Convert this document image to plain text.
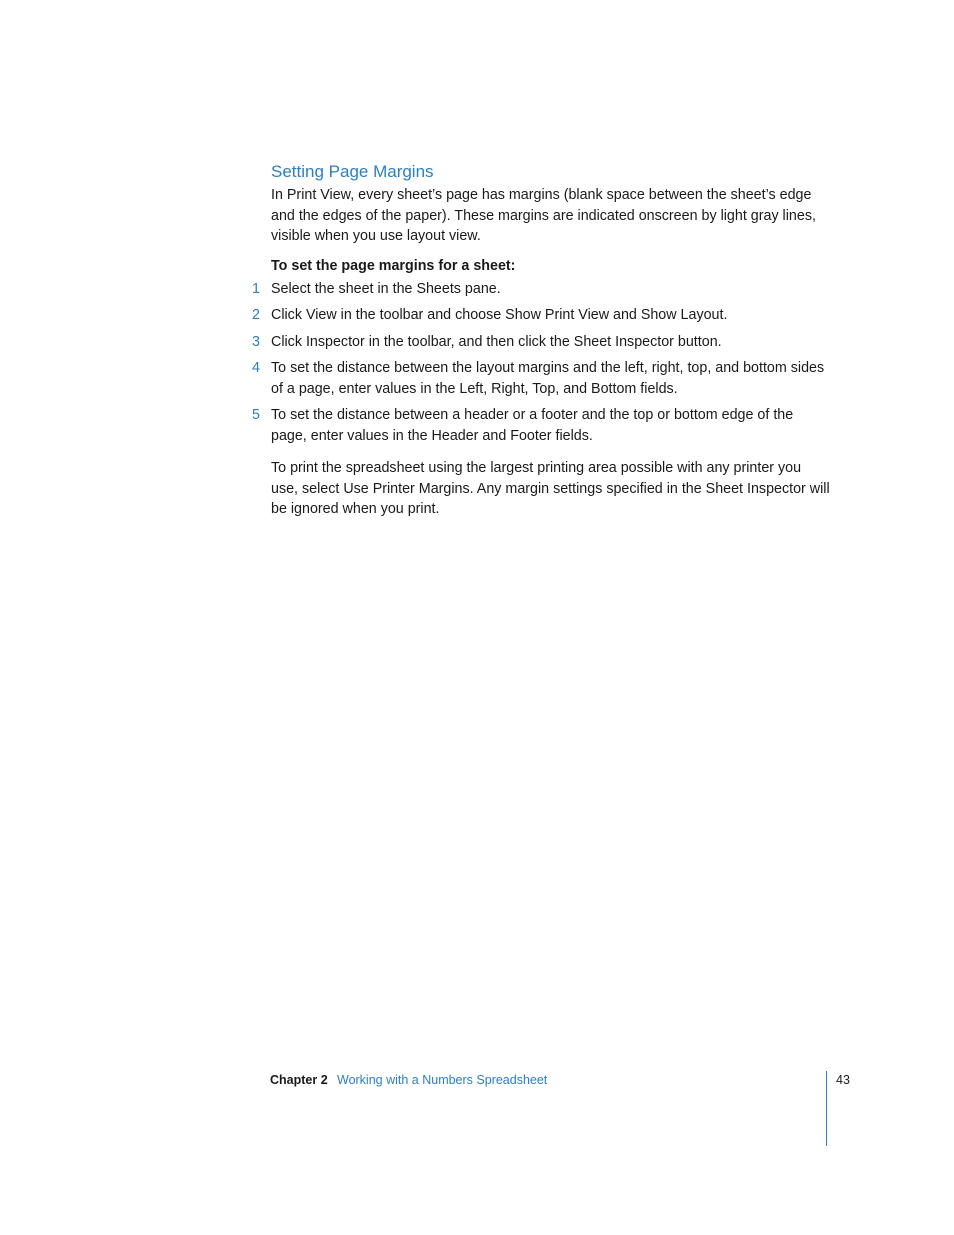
Setting Page Margins

In Print View, every sheet’s page has margins (blank space between the sheet’s edge and the edges of the paper). These margins are indicated onscreen by light gray lines, visible when you use layout view.

To set the page margins for a sheet:
1 Select the sheet in the Sheets pane.
2 Click View in the toolbar and choose Show Print View and Show Layout.
3 Click Inspector in the toolbar, and then click the Sheet Inspector button.
4 To set the distance between the layout margins and the left, right, top, and bottom sides of a page, enter values in the Left, Right, Top, and Bottom fields.
5 To set the distance between a header or a footer and the top or bottom edge of the page, enter values in the Header and Footer fields.

To print the spreadsheet using the largest printing area possible with any printer you use, select Use Printer Margins. Any margin settings specified in the Sheet Inspector will be ignored when you print.

Chapter 2 Working with a Numbers Spreadsheet	43
